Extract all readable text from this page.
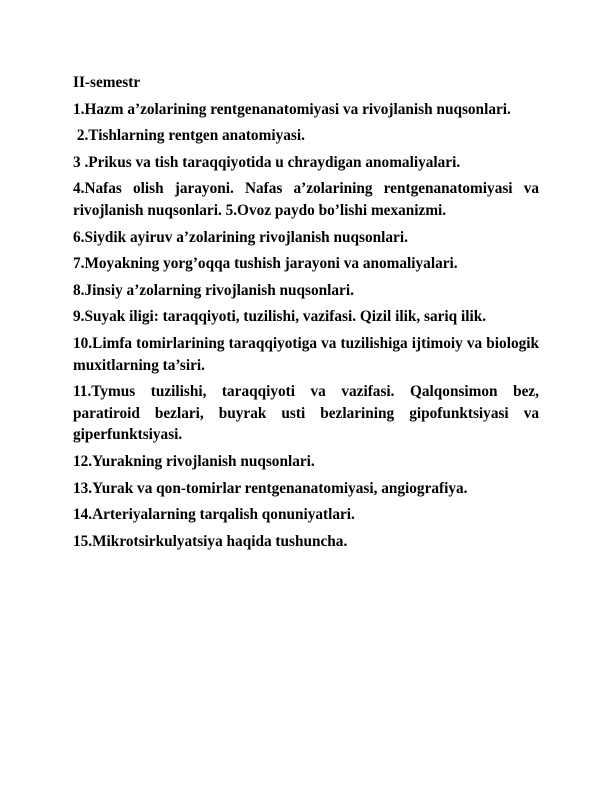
II-semestr

1.Hazm a’zolarining rentgenanatomiyasi va rivojlanish nuqsonlari.

2.Tishlarning rentgen anatomiyasi.

3 .Prikus va tish taraqqiyotida u chraydigan anomaliyalari.

4.Nafas olish jarayoni. Nafas a’zolarining rentgenanatomiyasi va rivojlanish nuqsonlari. 5.Ovoz paydo bo’lishi mexanizmi.

6.Siydik ayiruv a’zolarining rivojlanish nuqsonlari.

7.Moyakning yorg’oqqa tushish jarayoni va anomaliyalari.

8.Jinsiy a’zolarning rivojlanish nuqsonlari.

9.Suyak iligi: taraqqiyoti, tuzilishi, vazifasi. Qizil ilik, sariq ilik.

10.Limfa tomirlarining taraqqiyotiga va tuzilishiga ijtimoiy va biologik muxitlarning ta’siri.

11.Tymus tuzilishi, taraqqiyoti va vazifasi. Qalqonsimon bez, paratiroid bezlari, buyrak usti bezlarining gipofunktsiyasi va giperfunktsiyasi.

12.Yurakning rivojlanish nuqsonlari.

13.Yurak va qon-tomirlar rentgenanatomiyasi, angiografiya.

14.Arteriyalarning tarqalish qonuniyatlari.

15.Mikrotsirkulyatsiya haqida tushuncha.
